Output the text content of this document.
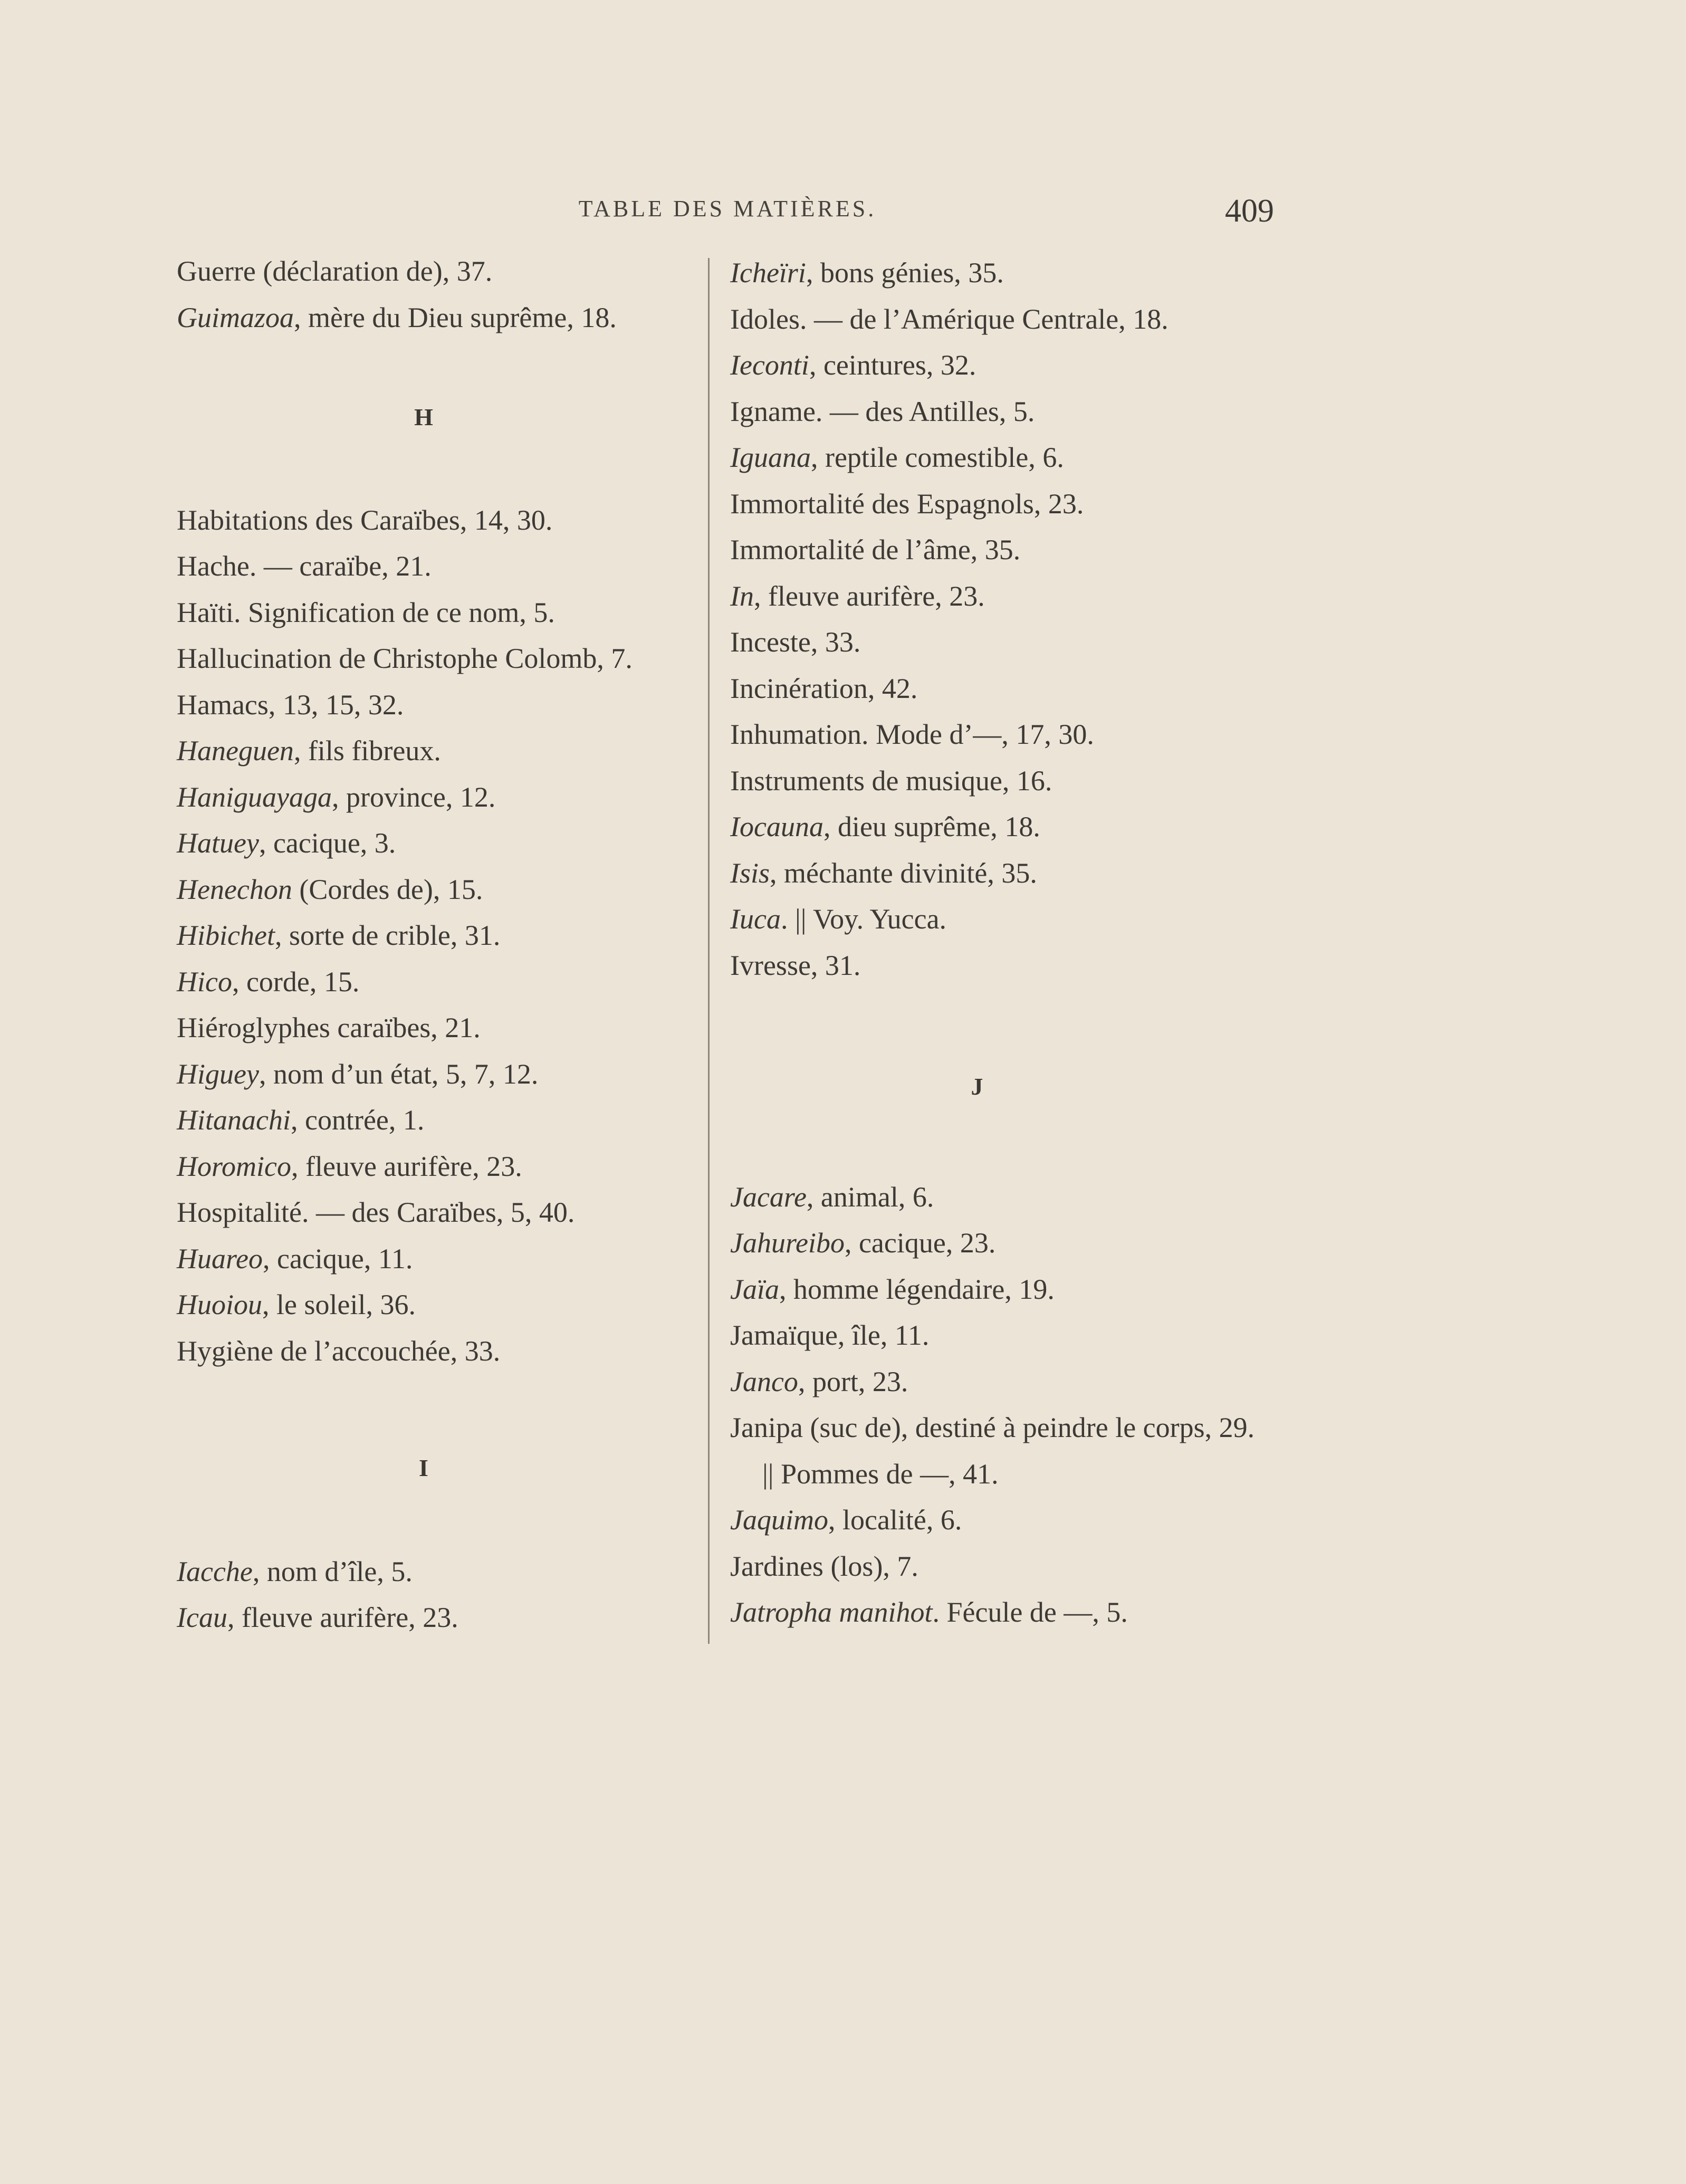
TABLE DES MATIÈRES.	409
Guerre (déclaration de), 37.
Guimazoa, mère du Dieu suprême, 18.
H
Habitations des Caraïbes, 14, 30.
Hache. — caraïbe, 21.
Haïti. Signification de ce nom, 5.
Hallucination de Christophe Colomb, 7.
Hamacs, 13, 15, 32.
Haneguen, fils fibreux.
Haniguayaga, province, 12.
Hatuey, cacique, 3.
Henechon (Cordes de), 15.
Hibichet, sorte de crible, 31.
Hico, corde, 15.
Hiéroglyphes caraïbes, 21.
Higuey, nom d’un état, 5, 7, 12.
Hitanachi, contrée, 1.
Horomico, fleuve aurifère, 23.
Hospitalité. — des Caraïbes, 5, 40.
Huareo, cacique, 11.
Huoiou, le soleil, 36.
Hygiène de l’accouchée, 33.
I
Iacche, nom d’île, 5.
Icau, fleuve aurifère, 23.
Icheïri, bons génies, 35.
Idoles. — de l’Amérique Centrale, 18.
Ieconti, ceintures, 32.
Igname. — des Antilles, 5.
Iguana, reptile comestible, 6.
Immortalité des Espagnols, 23.
Immortalité de l’âme, 35.
In, fleuve aurifère, 23.
Inceste, 33.
Incinération, 42.
Inhumation. Mode d’—, 17, 30.
Instruments de musique, 16.
Iocauna, dieu suprême, 18.
Isis, méchante divinité, 35.
Iuca. || Voy. Yucca.
Ivresse, 31.
J
Jacare, animal, 6.
Jahureibo, cacique, 23.
Jaïa, homme légendaire, 19.
Jamaïque, île, 11.
Janco, port, 23.
Janipa (suc de), destiné à peindre le corps, 29.
|| Pommes de —, 41.
Jaquimo, localité, 6.
Jardines (los), 7.
Jatropha manihot. Fécule de —, 5.
